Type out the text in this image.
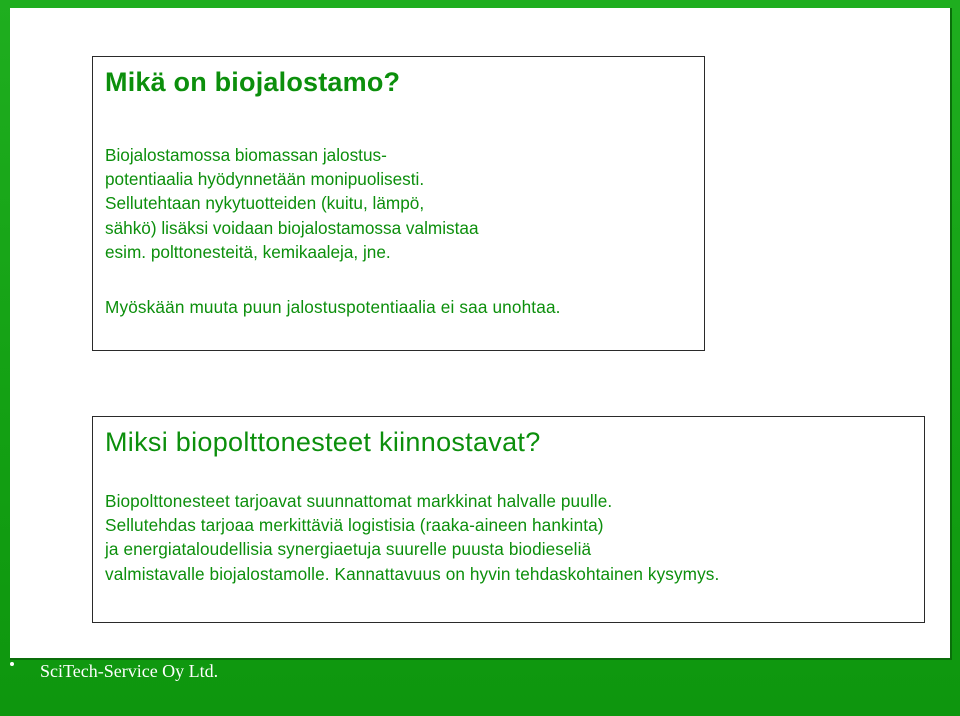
Mikä on biojalostamo?
Biojalostamossa biomassan jalostus-
potentiaalia hyödynnetään monipuolisesti.
Sellutehtaan nykytuotteiden (kuitu, lämpö,
sähkö) lisäksi voidaan biojalostamossa valmistaa
esim. polttonesteitä, kemikaaleja, jne.
Myöskään muuta puun jalostuspotentiaalia ei saa unohtaa.
Miksi biopolttonesteet kiinnostavat?
Biopolttonesteet tarjoavat suunnattomat markkinat halvalle puulle.
Sellutehdas tarjoaa merkittäviä logistisia (raaka-aineen hankinta)
ja energiataloudellisia synergiaetuja suurelle puusta biodieseliä
valmistavalle biojalostamolle. Kannattavuus on hyvin tehdaskohtainen kysymys.
SciTech-Service Oy Ltd.
